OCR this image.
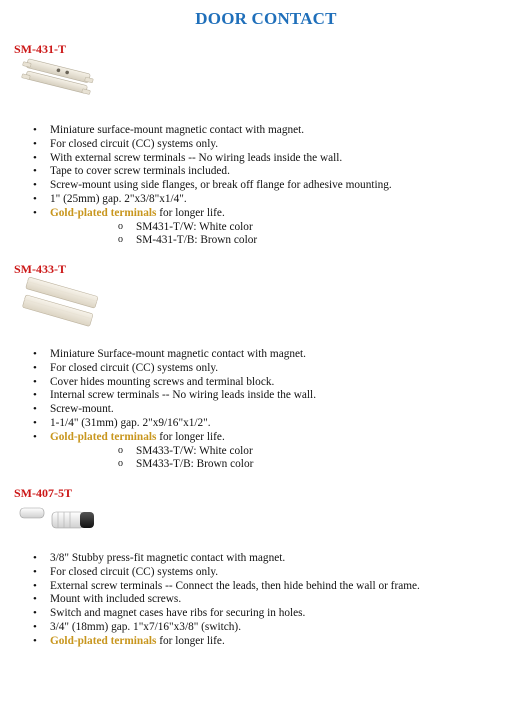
DOOR CONTACT
SM-431-T
• Miniature surface-mount magnetic contact with magnet.
• For closed circuit (CC) systems only.
• With external screw terminals -- No wiring leads inside the wall.
• Tape to cover screw terminals included.
• Screw-mount using side flanges, or break off flange for adhesive mounting.
• 1" (25mm) gap. 2"x3/8"x1/4".
• Gold-plated terminals for longer life.
o SM431-T/W: White color
o SM-431-T/B: Brown color
SM-433-T
• Miniature Surface-mount magnetic contact with magnet.
• For closed circuit (CC) systems only.
• Cover hides mounting screws and terminal block.
• Internal screw terminals -- No wiring leads inside the wall.
• Screw-mount.
• 1-1/4" (31mm) gap. 2"x9/16"x1/2".
• Gold-plated terminals for longer life.
o SM433-T/W: White color
o SM433-T/B: Brown color
SM-407-5T
• 3/8" Stubby press-fit magnetic contact with magnet.
• For closed circuit (CC) systems only.
• External screw terminals -- Connect the leads, then hide behind the wall or frame.
• Mount with included screws.
• Switch and magnet cases have ribs for securing in holes.
• 3/4" (18mm) gap. 1"x7/16"x3/8" (switch).
• Gold-plated terminals for longer life.
